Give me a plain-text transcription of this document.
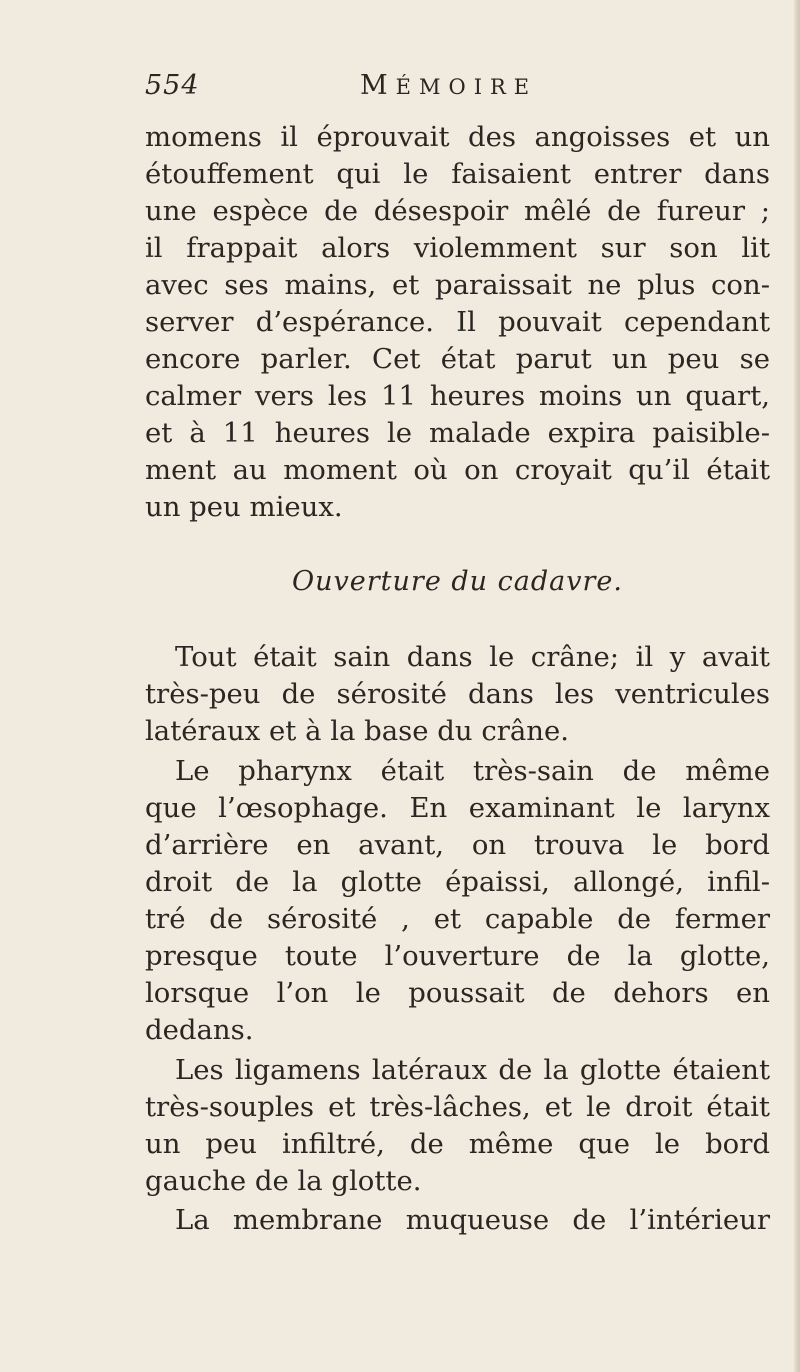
554	MÉMOIRE
momens il éprouvait des angoisses et un
étouffement qui le faisaient entrer dans
une espèce de désespoir mêlé de fureur ;
il frappait alors violemment sur son lit
avec ses mains, et paraissait ne plus con-
server d’espérance. Il pouvait cependant
encore parler. Cet état parut un peu se
calmer vers les 11 heures moins un quart,
et à 11 heures le malade expira paisible-
ment au moment où on croyait qu’il était
un peu mieux.
Ouverture du cadavre.
Tout était sain dans le crâne; il y avait
très-peu de sérosité dans les ventricules
latéraux et à la base du crâne.
Le pharynx était très-sain de même
que l’œsophage. En examinant le larynx
d’arrière en avant, on trouva le bord
droit de la glotte épaissi, allongé, infil-
tré de sérosité , et capable de fermer
presque toute l’ouverture de la glotte,
lorsque l’on le poussait de dehors en
dedans.
Les ligamens latéraux de la glotte étaient
très-souples et très-lâches, et le droit était
un peu infiltré, de même que le bord
gauche de la glotte.
La membrane muqueuse de l’intérieur
